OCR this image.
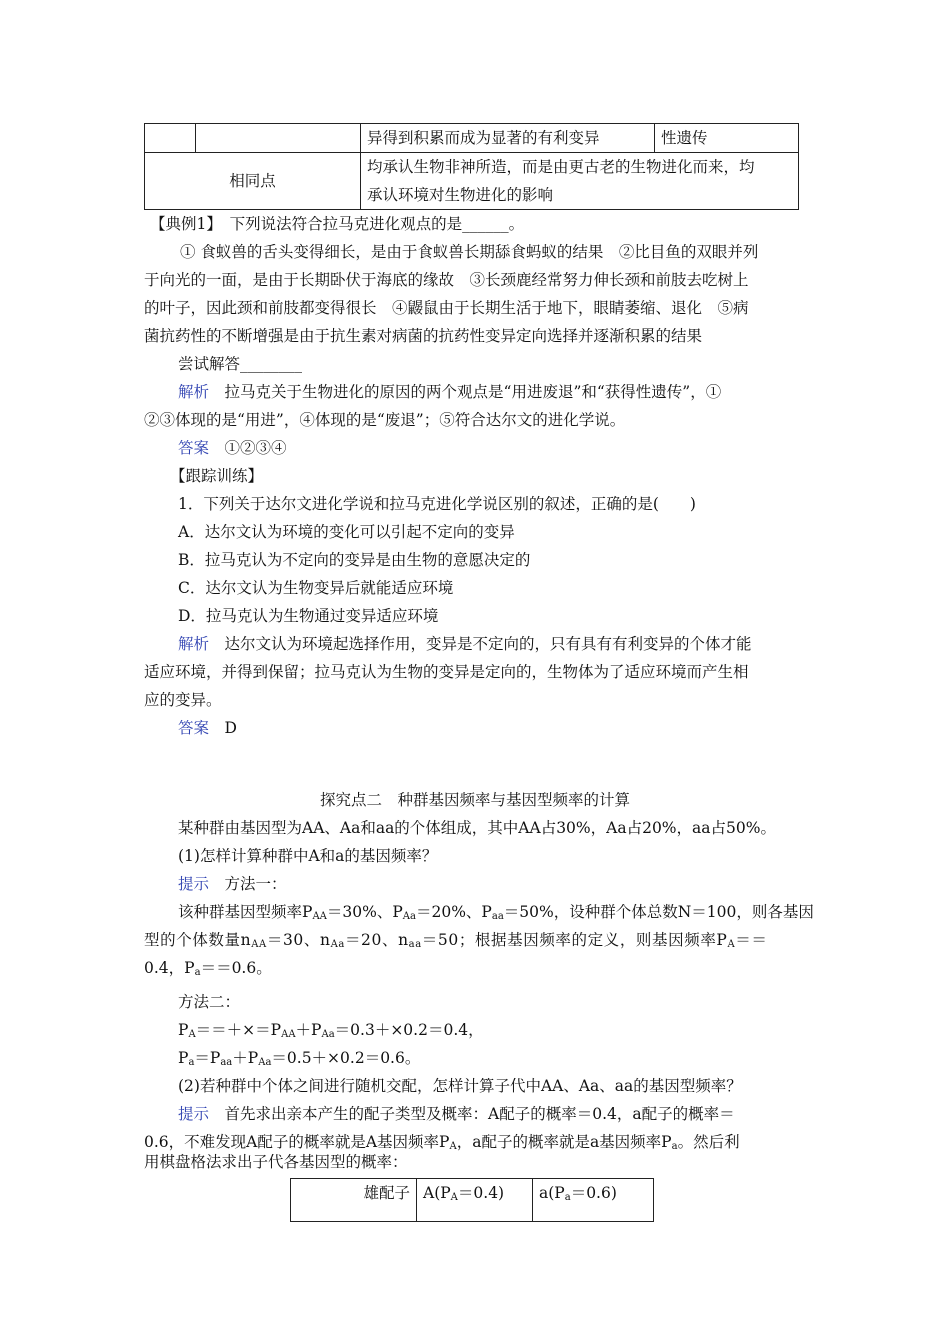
		异得到积累而成为显著的有利变异	性遗传
相同点		均承认生物非神所造，而是由更古老的生物进化而来，均
承认环境对生物进化的影响	
【典例1】　下列说法符合拉马克进化观点的是______。
① 食蚁兽的舌头变得细长，是由于食蚁兽长期舔食蚂蚁的结果　②比目鱼的双眼并列
于向光的一面，是由于长期卧伏于海底的缘故　③长颈鹿经常努力伸长颈和前肢去吃树上
的叶子，因此颈和前肢都变得很长　④鼹鼠由于长期生活于地下，眼睛萎缩、退化　⑤病
菌抗药性的不断增强是由于抗生素对病菌的抗药性变异定向选择并逐渐积累的结果
尝试解答________
解析　拉马克关于生物进化的原因的两个观点是“用进废退”和“获得性遗传”，①
②③体现的是“用进”，④体现的是“废退”；⑤符合达尔文的进化学说。
答案　①②③④
【跟踪训练】
1．下列关于达尔文进化学说和拉马克进化学说区别的叙述，正确的是(　　)
A．达尔文认为环境的变化可以引起不定向的变异
B．拉马克认为不定向的变异是由生物的意愿决定的
C．达尔文认为生物变异后就能适应环境
D．拉马克认为生物通过变异适应环境
解析　达尔文认为环境起选择作用，变异是不定向的，只有具有有利变异的个体才能
适应环境，并得到保留；拉马克认为生物的变异是定向的，生物体为了适应环境而产生相
应的变异。
答案　D
探究点二　种群基因频率与基因型频率的计算
某种群由基因型为AA、Aa和aa的个体组成，其中AA占30%，Aa占20%，aa占50%。
(1)怎样计算种群中A和a的基因频率？
提示　方法一：
该种群基因型频率$P_{AA}=30\%$、$P_{Aa}=20\%$、$P_{aa}=50\%$，设种群个体总数N＝100，则各基因
型的个体数量$n_{AA}=30$、$n_{Aa}=20$、$n_{aa}=50$；根据基因频率的定义，则基因频率$P_A==$
0.4，$P_a==0.6$。
方法二：
$P_A==+\times=P_{AA}+P_{Aa}=0.3+\times 0.2=0.4$，
$P_a=P_{aa}+P_{Aa}=0.5+\times 0.2=0.6$。
(2)若种群中个体之间进行随机交配，怎样计算子代中AA、Aa、aa的基因型频率？
提示　首先求出亲本产生的配子类型及概率：A配子的概率＝0.4，a配子的概率＝
0.6，不难发现A配子的概率就是A基因频率$P_A$，a配子的概率就是a基因频率$P_a$。然后利
用棋盘格法求出子代各基因型的概率：
雄配子	$A(P_A=0.4)$	$a(P_a=0.6)$
